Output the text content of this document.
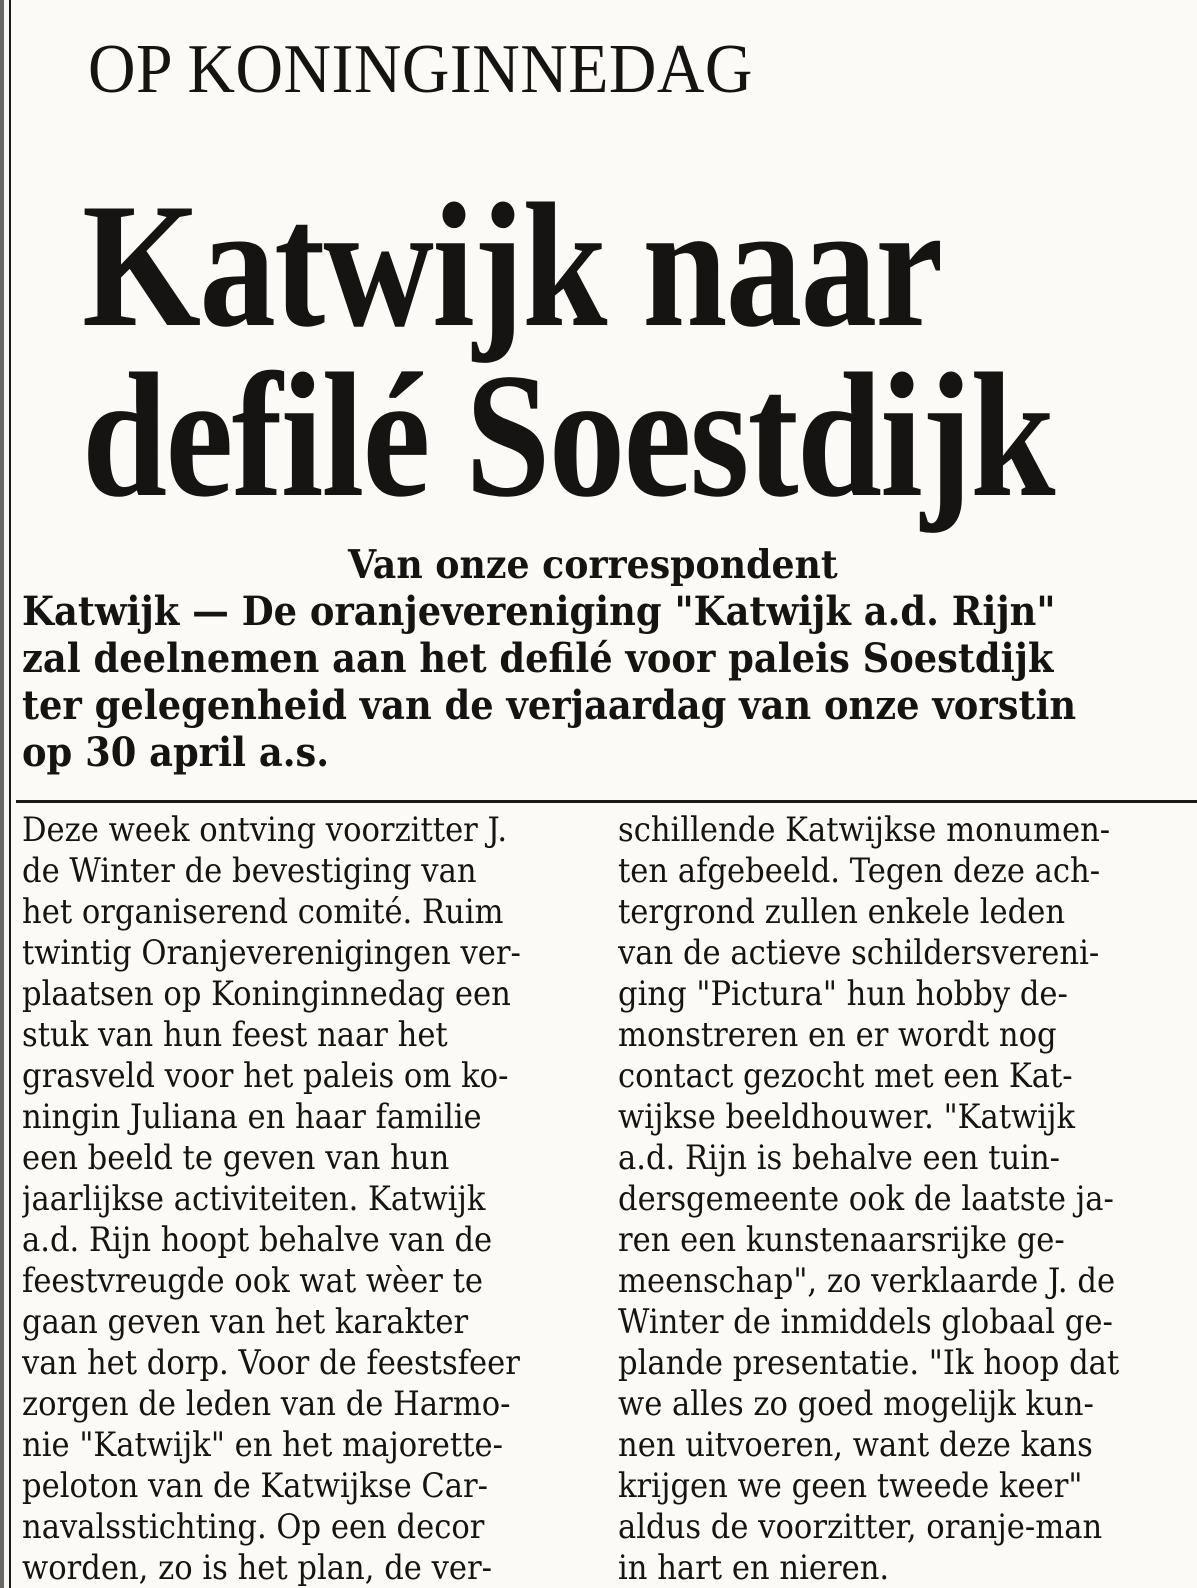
OP KONINGINNEDAG
Katwijk naar
defilé Soestdijk
Van onze correspondent
Katwijk — De oranjevereniging "Katwijk a.d. Rijn"
zal deelnemen aan het defilé voor paleis Soestdijk
ter gelegenheid van de verjaardag van onze vorstin
op 30 april a.s.
Deze week ontving voorzitter J.
de Winter de bevestiging van
het organiserend comité. Ruim
twintig Oranjeverenigingen ver-
plaatsen op Koninginnedag een
stuk van hun feest naar het
grasveld voor het paleis om ko-
ningin Juliana en haar familie
een beeld te geven van hun
jaarlijkse activiteiten. Katwijk
a.d. Rijn hoopt behalve van de
feestvreugde ook wat wèer te
gaan geven van het karakter
van het dorp. Voor de feestsfeer
zorgen de leden van de Harmo-
nie "Katwijk" en het majorette-
peloton van de Katwijkse Car-
navalsstichting. Op een decor
worden, zo is het plan, de ver-
schillende Katwijkse monumen-
ten afgebeeld. Tegen deze ach-
tergrond zullen enkele leden
van de actieve schildersvereni-
ging "Pictura" hun hobby de-
monstreren en er wordt nog
contact gezocht met een Kat-
wijkse beeldhouwer. "Katwijk
a.d. Rijn is behalve een tuin-
dersgemeente ook de laatste ja-
ren een kunstenaarsrijke ge-
meenschap", zo verklaarde J. de
Winter de inmiddels globaal ge-
plande presentatie. "Ik hoop dat
we alles zo goed mogelijk kun-
nen uitvoeren, want deze kans
krijgen we geen tweede keer"
aldus de voorzitter, oranje-man
in hart en nieren.
